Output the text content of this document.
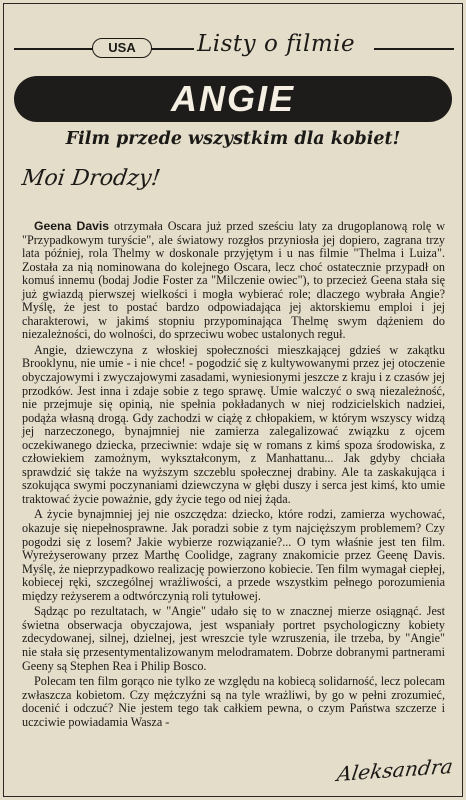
USA	Listy o filmie
ANGIE
Film przede wszystkim dla kobiet!
Moi Drodzy!

Geena Davis otrzymała Oscara już przed sześciu laty za drugoplanową rolę w "Przypadkowym turyście", ale światowy rozgłos przyniosła jej dopiero, zagrana trzy lata później, rola Thelmy w doskonale przyjętym i u nas filmie "Thelma i Luiza". Została za nią nominowana do kolejnego Oscara, lecz choć ostatecznie przypadł on komuś innemu (bodaj Jodie Foster za "Milczenie owiec"), to przecież Geena stała się już gwiazdą pierwszej wielkości i mogła wybierać role; dlaczego wybrała Angie? Myślę, że jest to postać bardzo odpowiadająca jej aktorskiemu emploi i jej charakterowi, w jakimś stopniu przypominająca Thelmę swym dążeniem do niezależności, do wolności, do sprzeciwu wobec ustalonych reguł.

Angie, dziewczyna z włoskiej społeczności mieszkającej gdzieś w zakątku Brooklynu, nie umie - i nie chce! - pogodzić się z kultywowanymi przez jej otoczenie obyczajowymi i zwyczajowymi zasadami, wyniesionymi jeszcze z kraju i z czasów jej przodków. Jest inna i zdaje sobie z tego sprawę. Umie walczyć o swą niezależność, nie przejmuje się opinią, nie spełnia pokładanych w niej rodzicielskich nadziei, podąża własną drogą. Gdy zachodzi w ciążę z chłopakiem, w którym wszyscy widzą jej narzeczonego, bynajmniej nie zamierza zalegalizować związku z ojcem oczekiwanego dziecka, przeciwnie: wdaje się w romans z kimś spoza środowiska, z człowiekiem zamożnym, wykształconym, z Manhattanu... Jak gdyby chciała sprawdzić się także na wyższym szczeblu społecznej drabiny. Ale ta zaskakująca i szokująca swymi poczynaniami dziewczyna w głębi duszy i serca jest kimś, kto umie traktować życie poważnie, gdy życie tego od niej żąda.

A życie bynajmniej jej nie oszczędza: dziecko, które rodzi, zamierza wychować, okazuje się niepełnosprawne. Jak poradzi sobie z tym najcięższym problemem? Czy pogodzi się z losem? Jakie wybierze rozwiązanie?... O tym właśnie jest ten film. Wyreżyserowany przez Marthę Coolidge, zagrany znakomicie przez Geenę Davis. Myślę, że nieprzypadkowo realizację powierzono kobiecie. Ten film wymagał ciepłej, kobiecej ręki, szczególnej wrażliwości, a przede wszystkim pełnego porozumienia między reżyserem a odtwórczynią roli tytułowej.

Sądząc po rezultatach, w "Angie" udało się to w znacznej mierze osiągnąć. Jest świetna obserwacja obyczajowa, jest wspaniały portret psychologiczny kobiety zdecydowanej, silnej, dzielnej, jest wreszcie tyle wzruszenia, ile trzeba, by "Angie" nie stała się przesentymentalizowanym melodramatem. Dobrze dobranymi partnerami Geeny są Stephen Rea i Philip Bosco.

Polecam ten film gorąco nie tylko ze względu na kobiecą solidarność, lecz polecam zwłaszcza kobietom. Czy mężczyźni są na tyle wrażliwi, by go w pełni zrozumieć, docenić i odczuć? Nie jestem tego tak całkiem pewna, o czym Państwa szczerze i uczciwie powiadamia Wasza -

Aleksandra
